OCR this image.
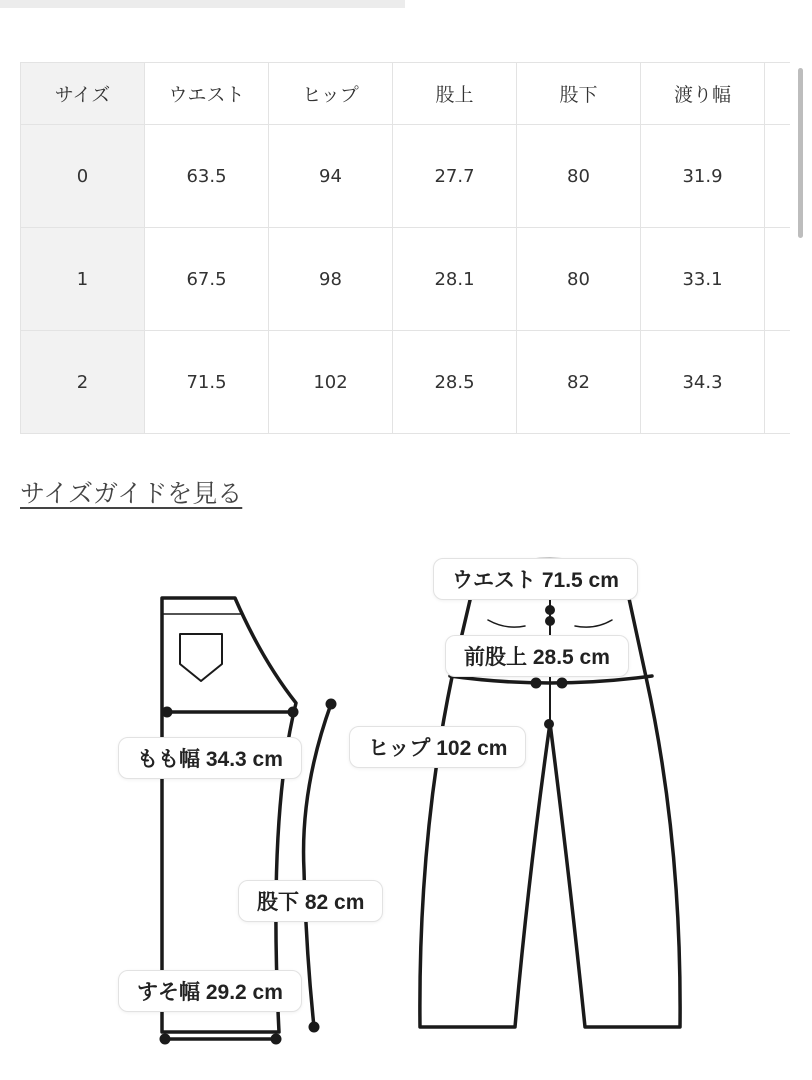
サイズ	ウエスト	ヒップ	股上	股下	渡り幅	
0	63.5	94	27.7	80	31.9	
1	67.5	98	28.1	80	33.1	
2	71.5	102	28.5	82	34.3	
サイズガイドを見る
ウエスト 71.5 cm
前股上 28.5 cm
ヒップ 102 cm
もも幅 34.3 cm
股下 82 cm
すそ幅 29.2 cm
